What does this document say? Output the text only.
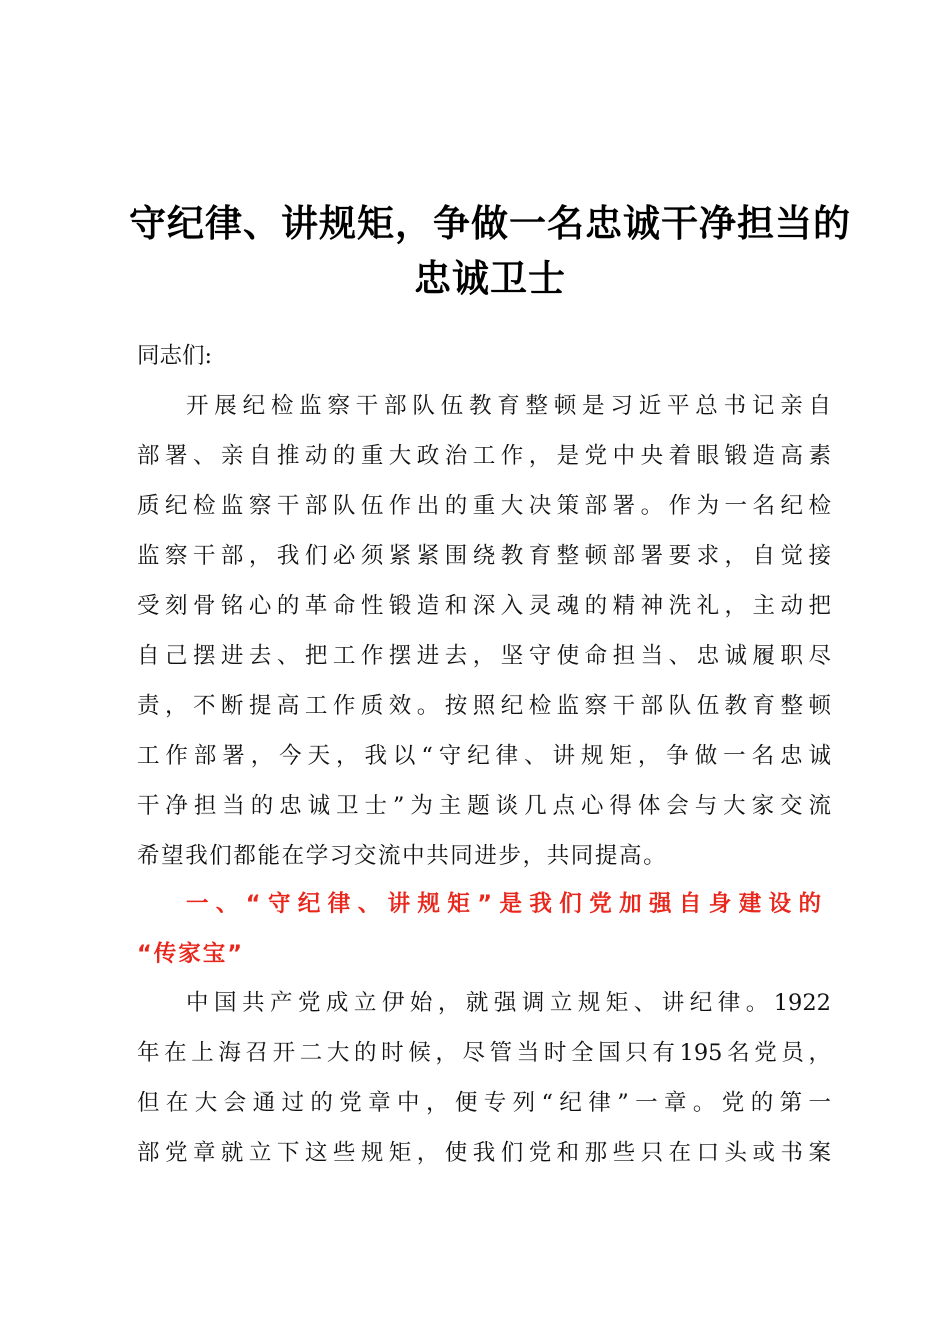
守纪律、讲规矩，争做一名忠诚干净担当的
忠诚卫士
同志们:
开展纪检监察干部队伍教育整顿是习近平总书记亲自
部署、亲自推动的重大政治工作，是党中央着眼锻造高素
质纪检监察干部队伍作出的重大决策部署。作为一名纪检
监察干部，我们必须紧紧围绕教育整顿部署要求，自觉接
受刻骨铭心的革命性锻造和深入灵魂的精神洗礼，主动把
自己摆进去、把工作摆进去，坚守使命担当、忠诚履职尽
责，不断提高工作质效。按照纪检监察干部队伍教育整顿
工作部署，今天，我以“守纪律、讲规矩，争做一名忠诚
干净担当的忠诚卫士”为主题谈几点心得体会与大家交流
希望我们都能在学习交流中共同进步，共同提高。
一、“守纪律、讲规矩”是我们党加强自身建设的
“传家宝”
中国共产党成立伊始，就强调立规矩、讲纪律。1922
年在上海召开二大的时候，尽管当时全国只有195名党员，
但在大会通过的党章中，便专列“纪律”一章。党的第一
部党章就立下这些规矩，使我们党和那些只在口头或书案
